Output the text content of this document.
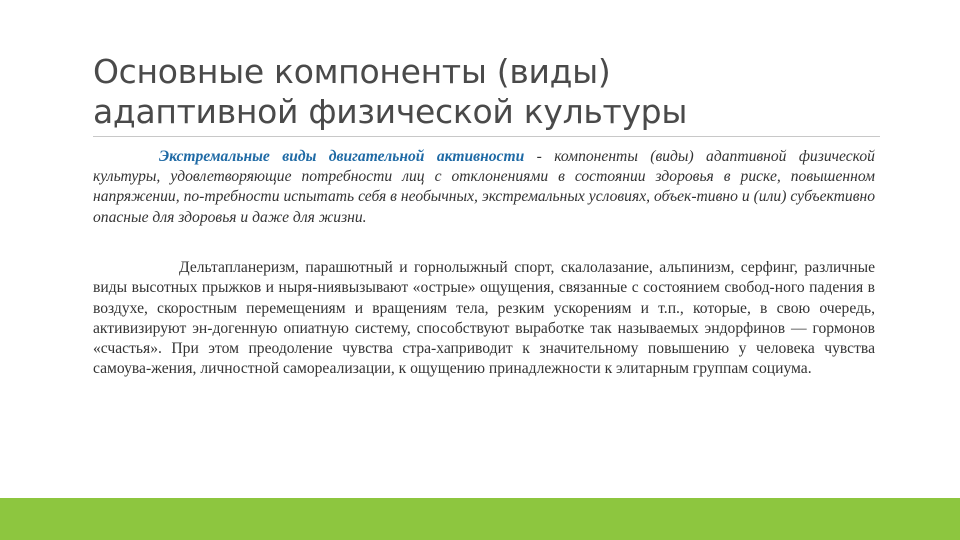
Основные компоненты (виды)
адаптивной физической культуры

Экстремальные виды двигательной активности - компоненты (виды) адаптивной физической культуры, удовлетворяющие потребности лиц с отклонениями в состоянии здоровья в риске, повышенном напряжении, по-требности испытать себя в необычных, экстремальных условиях, объек-тивно и (или) субъективно опасные для здоровья и даже для жизни.

Дельтапланеризм, парашютный и горнолыжный спорт, скалолазание, альпинизм, серфинг, различные виды высотных прыжков и ныря-ниявызывают «острые» ощущения, связанные с состоянием свобод-ного падения в воздухе, скоростным перемещениям и вращениям тела, резким ускорениям и т.п., которые, в свою очередь, активизируют эн-догенную опиатную систему, способствуют выработке так называемых эндорфинов — гормонов «счастья». При этом преодоление чувства стра-хаприводит к значительному повышению у человека чувства самоува-жения, личностной самореализации, к ощущению принадлежности к элитарным группам социума.
